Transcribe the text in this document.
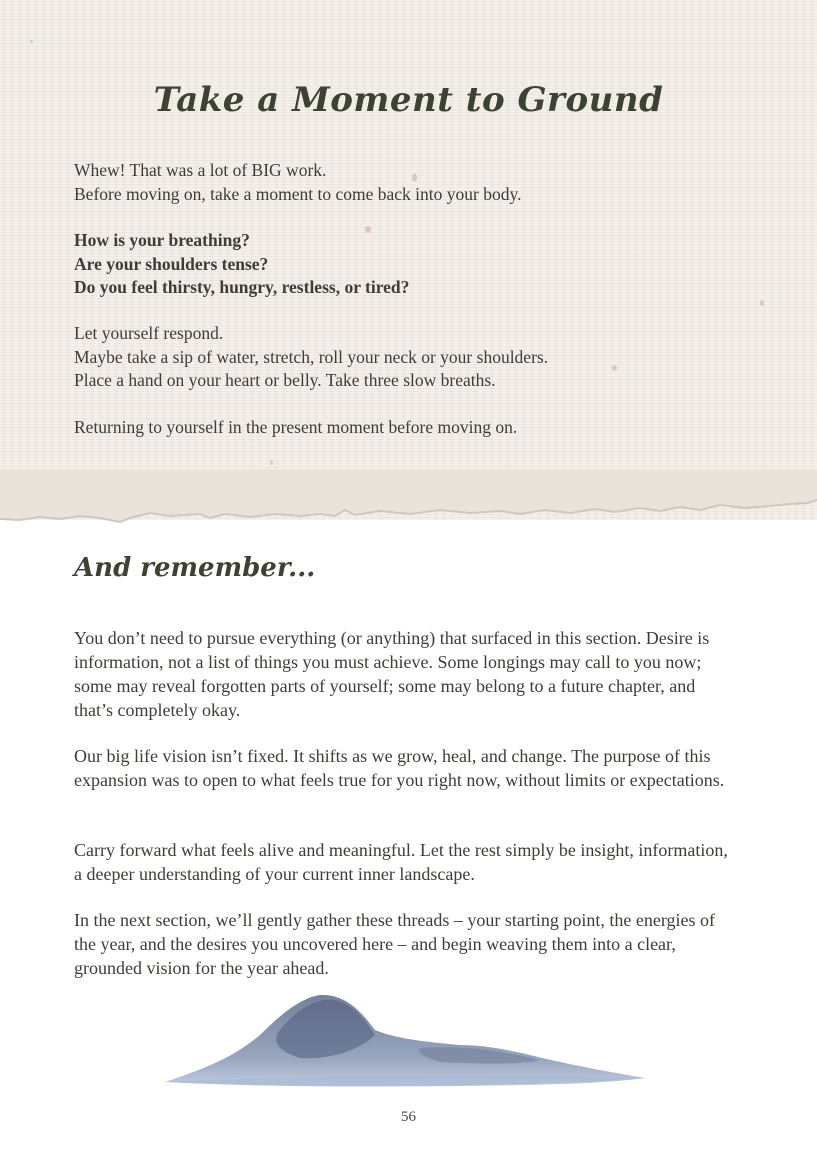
Take a Moment to Ground
Whew! That was a lot of BIG work.
Before moving on, take a moment to come back into your body.
How is your breathing?
Are your shoulders tense?
Do you feel thirsty, hungry, restless, or tired?
Let yourself respond.
Maybe take a sip of water, stretch, roll your neck or your shoulders.
Place a hand on your heart or belly. Take three slow breaths.
Returning to yourself in the present moment before moving on.
And remember...

You don’t need to pursue everything (or anything) that surfaced in this section. Desire is information, not a list of things you must achieve. Some longings may call to you now; some may reveal forgotten parts of yourself; some may belong to a future chapter, and that’s completely okay.

Our big life vision isn’t fixed. It shifts as we grow, heal, and change. The purpose of this expansion was to open to what feels true for you right now, without limits or expectations.

Carry forward what feels alive and meaningful. Let the rest simply be insight, information, a deeper understanding of your current inner landscape.

In the next section, we’ll gently gather these threads – your starting point, the energies of the year, and the desires you uncovered here – and begin weaving them into a clear, grounded vision for the year ahead.

56
